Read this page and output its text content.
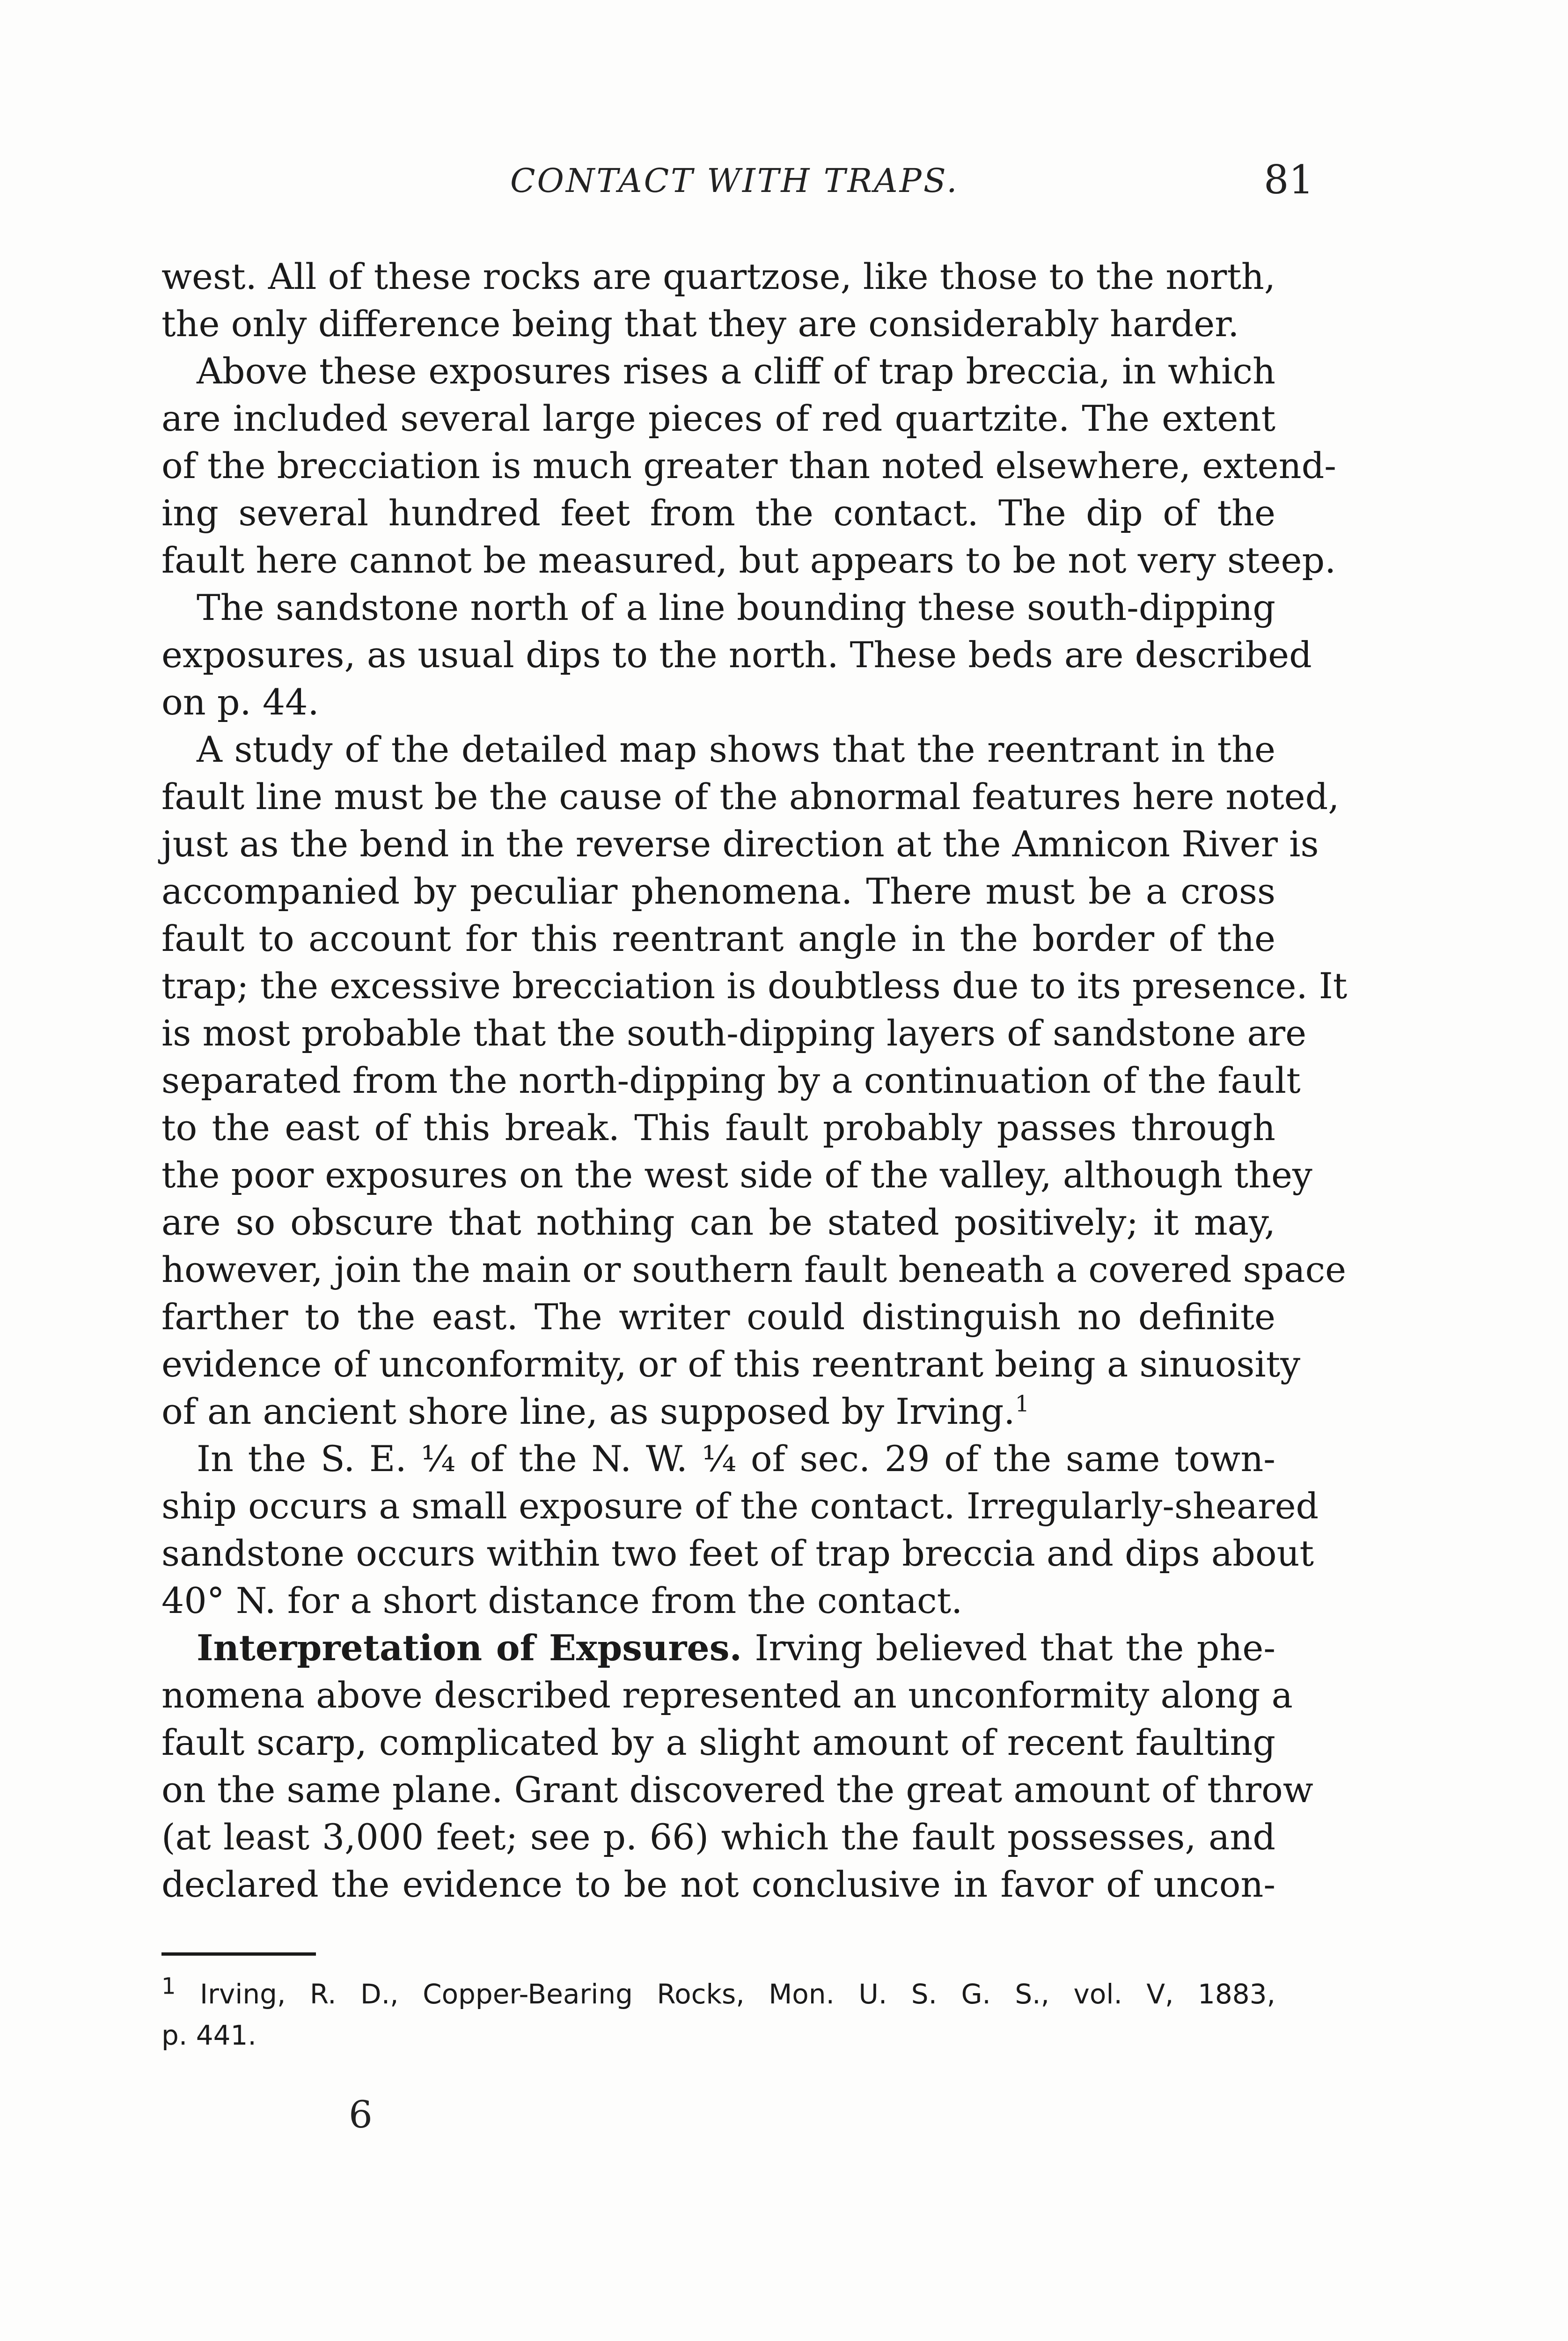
CONTACT WITH TRAPS.	81
west. All of these rocks are quartzose, like those to the north,
the only difference being that they are considerably harder.
Above these exposures rises a cliff of trap breccia, in which
are included several large pieces of red quartzite. The extent
of the brecciation is much greater than noted elsewhere, extend-
ing several hundred feet from the contact. The dip of the
fault here cannot be measured, but appears to be not very steep.
The sandstone north of a line bounding these south-dipping
exposures, as usual dips to the north. These beds are described
on p. 44.
A study of the detailed map shows that the reentrant in the
fault line must be the cause of the abnormal features here noted,
just as the bend in the reverse direction at the Amnicon River is
accompanied by peculiar phenomena. There must be a cross
fault to account for this reentrant angle in the border of the
trap; the excessive brecciation is doubtless due to its presence. It
is most probable that the south-dipping layers of sandstone are
separated from the north-dipping by a continuation of the fault
to the east of this break. This fault probably passes through
the poor exposures on the west side of the valley, although they
are so obscure that nothing can be stated positively; it may,
however, join the main or southern fault beneath a covered space
farther to the east. The writer could distinguish no definite
evidence of unconformity, or of this reentrant being a sinuosity
of an ancient shore line, as supposed by Irving.$^1$
In the S. E. ¼ of the N. W. ¼ of sec. 29 of the same town-
ship occurs a small exposure of the contact. Irregularly-sheared
sandstone occurs within two feet of trap breccia and dips about
40° N. for a short distance from the contact.
Interpretation of Expsures. Irving believed that the phe-
nomena above described represented an unconformity along a
fault scarp, complicated by a slight amount of recent faulting
on the same plane. Grant discovered the great amount of throw
(at least 3,000 feet; see p. 66) which the fault possesses, and
declared the evidence to be not conclusive in favor of uncon-
$^1$ Irving, R. D., Copper-Bearing Rocks, Mon. U. S. G. S., vol. V, 1883,
p. 441.
6
